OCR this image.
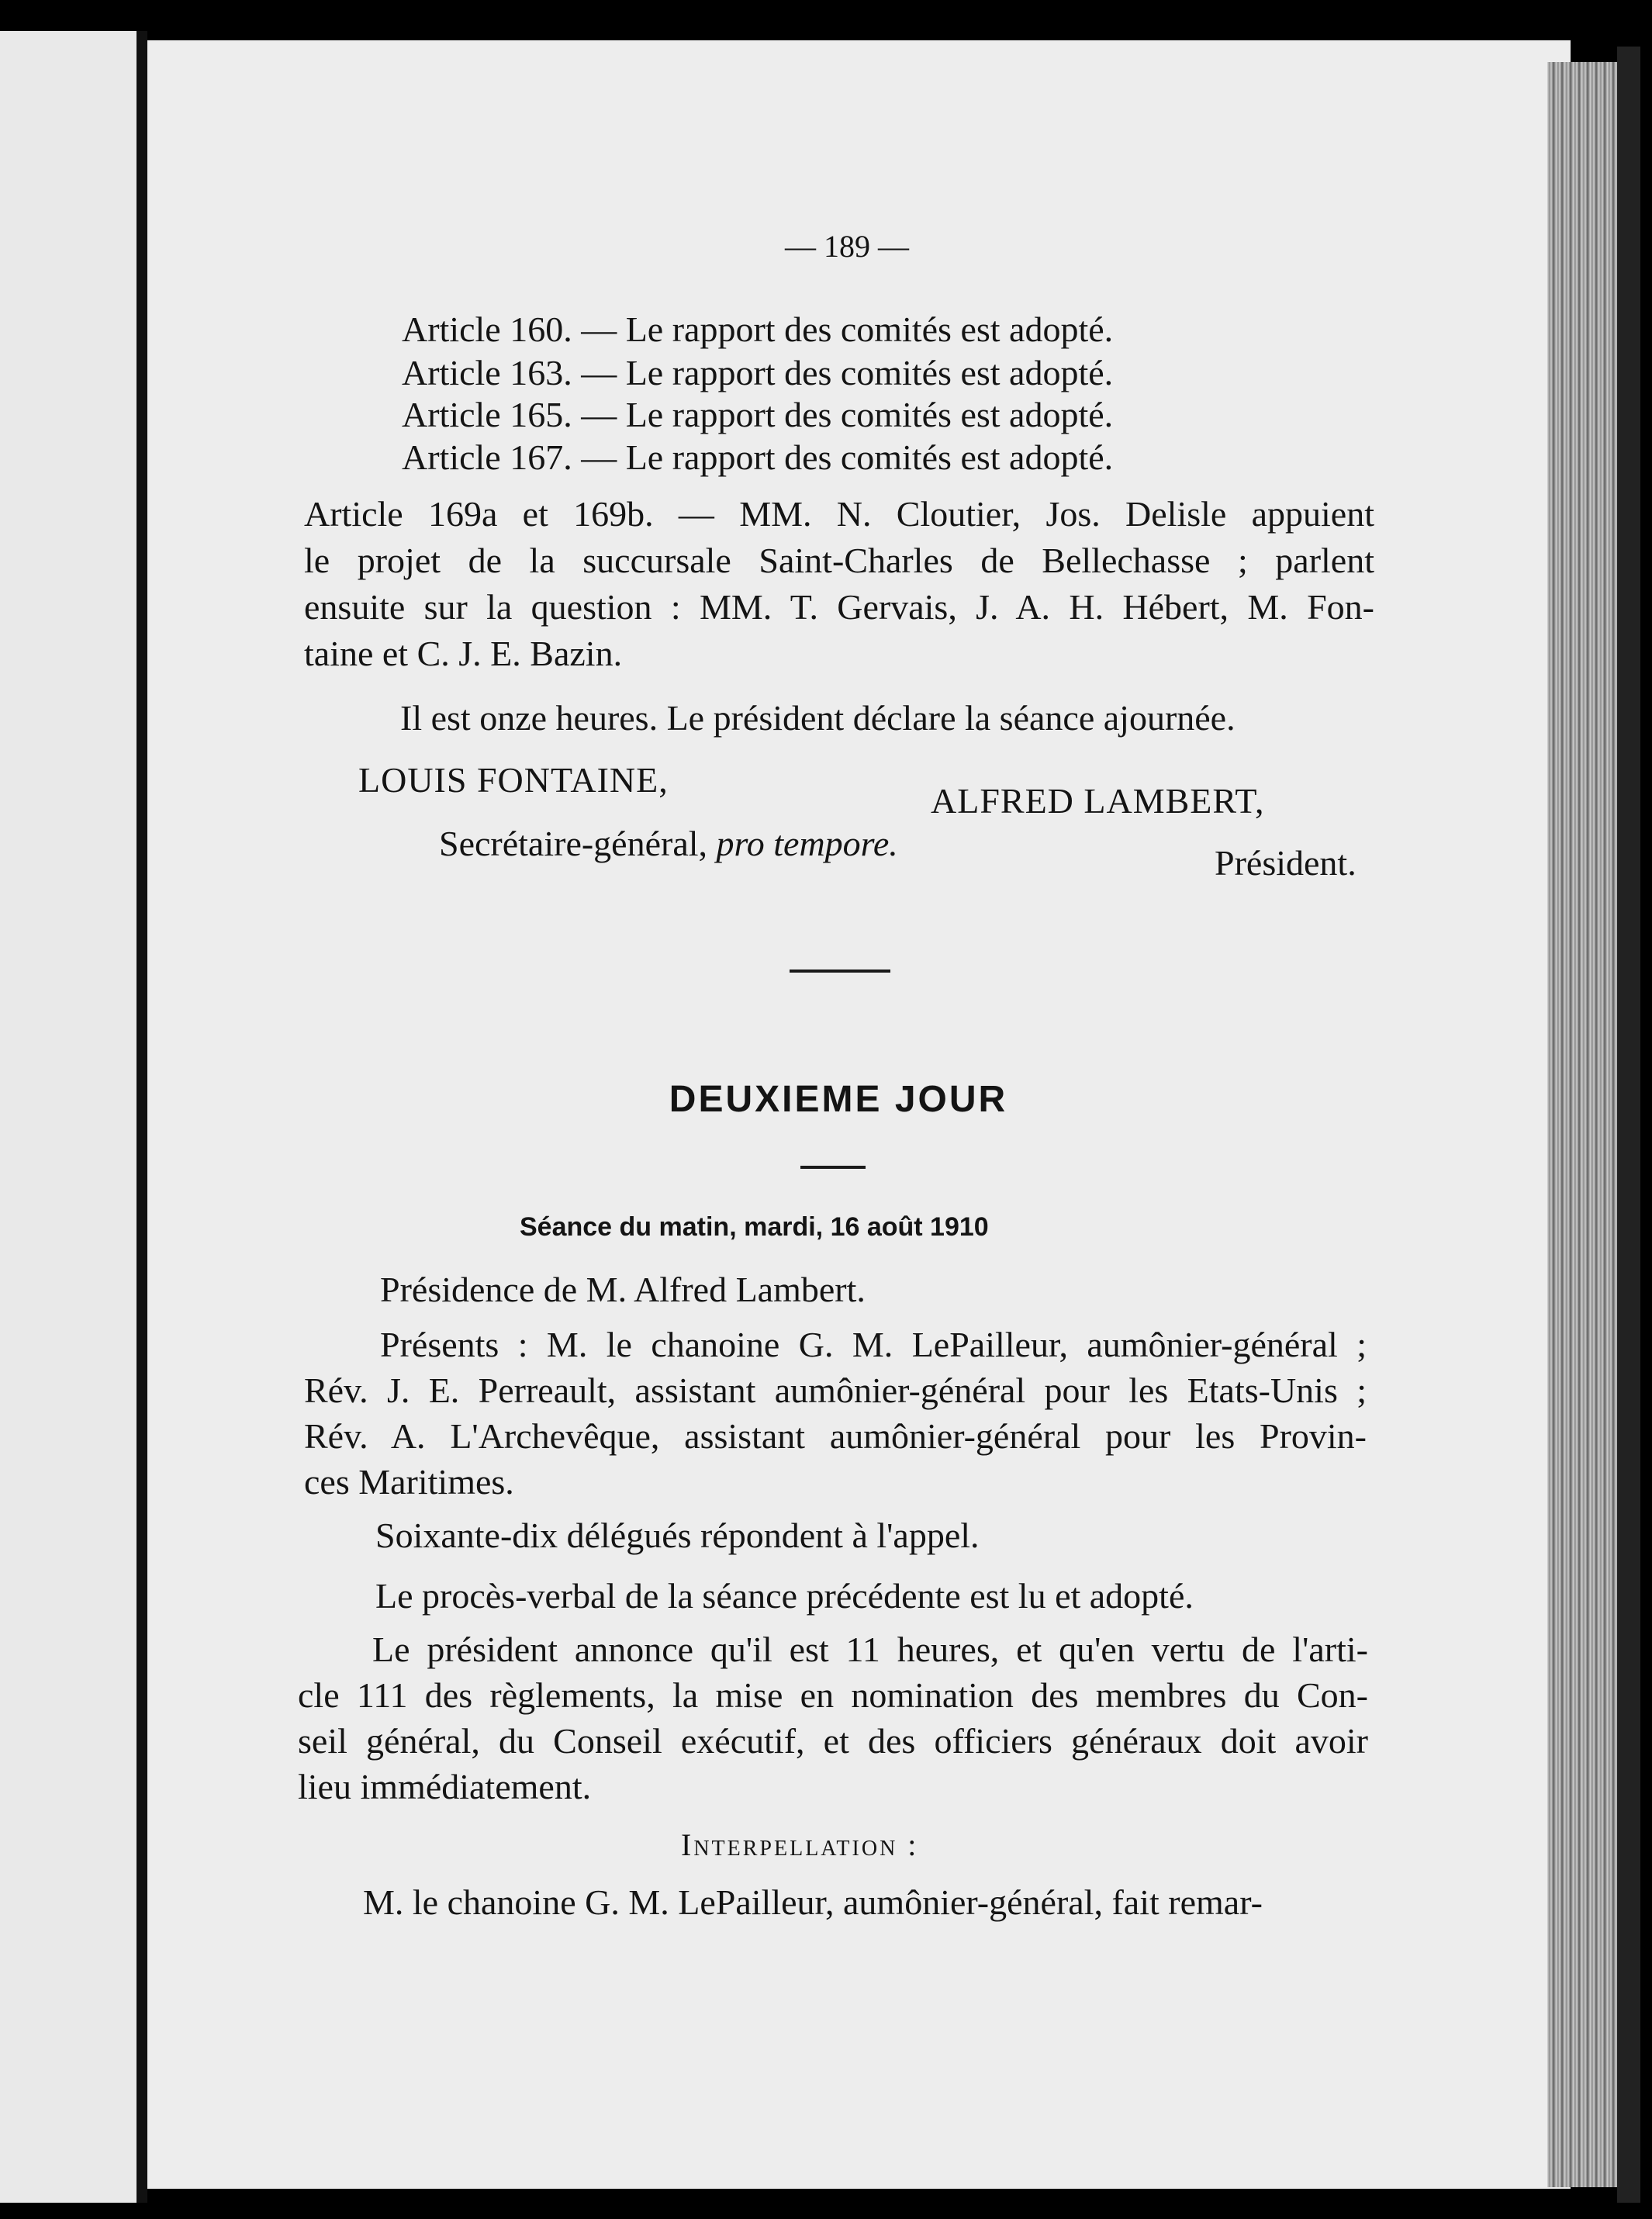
— 189 —
Article 160. — Le rapport des comités est adopté.
Article 163. — Le rapport des comités est adopté.
Article 165. — Le rapport des comités est adopté.
Article 167. — Le rapport des comités est adopté.
Article 169a et 169b. — MM. N. Cloutier, Jos. Delisle appuient
le projet de la succursale Saint-Charles de Bellechasse ; parlent
ensuite sur la question : MM. T. Gervais, J. A. H. Hébert, M. Fon-
taine et C. J. E. Bazin.
Il est onze heures. Le président déclare la séance ajournée.
LOUIS FONTAINE,
Secrétaire-général, pro tempore.
ALFRED LAMBERT,
Président.
DEUXIEME JOUR
Séance du matin, mardi, 16 août 1910
Présidence de M. Alfred Lambert.
Présents : M. le chanoine G. M. LePailleur, aumônier-général ;
Rév. J. E. Perreault, assistant aumônier-général pour les Etats-Unis ;
Rév. A. L'Archevêque, assistant aumônier-général pour les Provin-
ces Maritimes.
Soixante-dix délégués répondent à l'appel.
Le procès-verbal de la séance précédente est lu et adopté.
Le président annonce qu'il est 11 heures, et qu'en vertu de l'arti-
cle 111 des règlements, la mise en nomination des membres du Con-
seil général, du Conseil exécutif, et des officiers généraux doit avoir
lieu immédiatement.
Interpellation :
M. le chanoine G. M. LePailleur, aumônier-général, fait remar-
